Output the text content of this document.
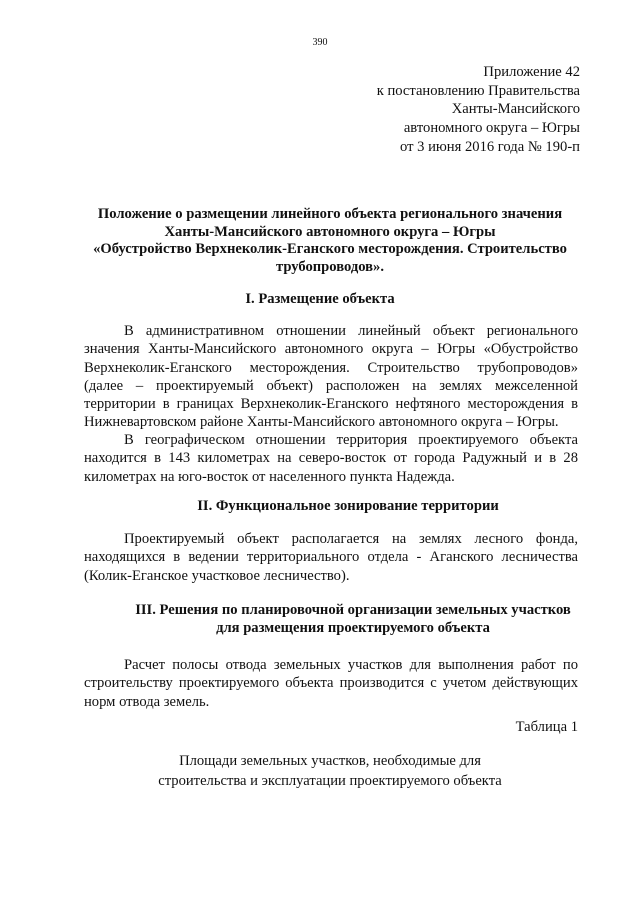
390
Приложение 42
к постановлению Правительства
Ханты-Мансийского
автономного округа – Югры
от 3 июня 2016 года № 190-п
Положение о размещении линейного объекта регионального значения
Ханты-Мансийского автономного округа – Югры
«Обустройство Верхнеколик-Еганского месторождения. Строительство
трубопроводов».
I. Размещение объекта

В административном отношении линейный объект регионального значения Ханты-Мансийского автономного округа – Югры «Обустройство Верхнеколик-Еганского месторождения. Строительство трубопроводов» (далее – проектируемый объект) расположен на землях межселенной территории в границах Верхнеколик-Еганского нефтяного месторождения в Нижневартовском районе Ханты-Мансийского автономного округа – Югры.

В географическом отношении территория проектируемого объекта находится в 143 километрах на северо-восток от города Радужный и в 28 километрах на юго-восток от населенного пункта Надежда.

II. Функциональное зонирование территории

Проектируемый объект располагается на землях лесного фонда, находящихся в ведении территориального отдела - Аганского лесничества (Колик-Еганское участковое лесничество).

III. Решения по планировочной организации земельных участков
для размещения проектируемого объекта

Расчет полосы отвода земельных участков для выполнения работ по строительству проектируемого объекта производится с учетом действующих норм отвода земель.

Таблица 1
Площади земельных участков, необходимые для
строительства и эксплуатации проектируемого объекта
